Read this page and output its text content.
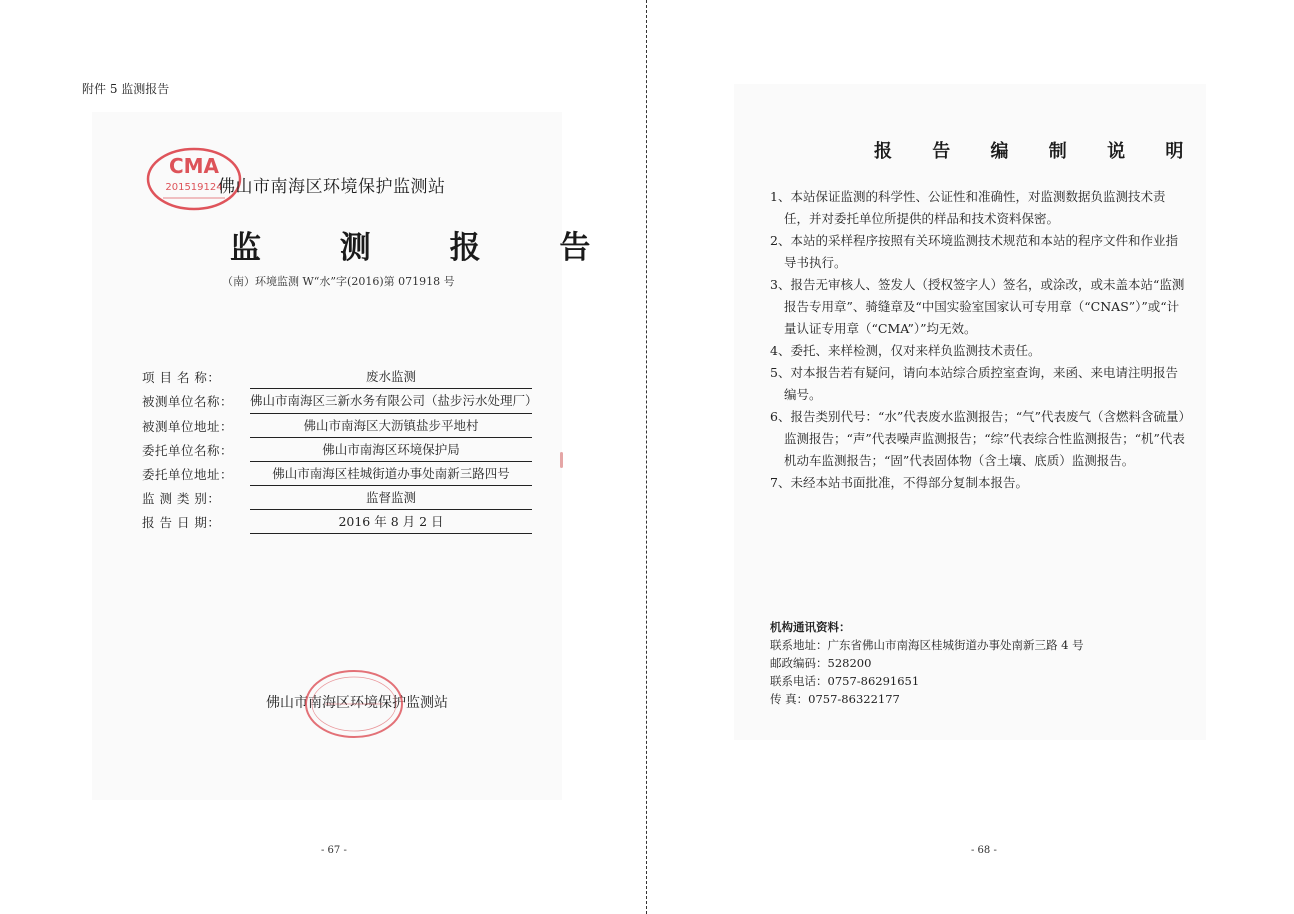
附件 5 监测报告
CMA
201519124
佛山市南海区环境保护监测站
监 测 报 告
（南）环境监测 W“水”字(2016)第 071918 号
项 目 名 称：	废水监测
被测单位名称：	佛山市南海区三新水务有限公司（盐步污水处理厂）
被测单位地址：	佛山市南海区大沥镇盐步平地村
委托单位名称：	佛山市南海区环境保护局
委托单位地址：	佛山市南海区桂城街道办事处南新三路四号
监 测 类 别：	监督监测
报 告 日 期：	2016 年 8 月 2 日
佛山市南海区环境保护监测站
- 67 -
报 告 编 制 说 明

1、本站保证监测的科学性、公证性和准确性，对监测数据负监测技术责任，并对委托单位所提供的样品和技术资料保密。

2、本站的采样程序按照有关环境监测技术规范和本站的程序文件和作业指导书执行。

3、报告无审核人、签发人（授权签字人）签名，或涂改，或未盖本站“监测报告专用章”、骑缝章及“中国实验室国家认可专用章（“CNAS”）”或“计量认证专用章（“CMA”）”均无效。

4、委托、来样检测，仅对来样负监测技术责任。

5、对本报告若有疑问，请向本站综合质控室查询，来函、来电请注明报告编号。

6、报告类别代号：“水”代表废水监测报告；“气”代表废气（含燃料含硫量）监测报告；“声”代表噪声监测报告；“综”代表综合性监测报告；“机”代表机动车监测报告；“固”代表固体物（含土壤、底质）监测报告。

7、未经本站书面批准，不得部分复制本报告。

机构通讯资料：
联系地址：广东省佛山市南海区桂城街道办事处南新三路 4 号
邮政编码：528200
联系电话：0757-86291651
传 真：0757-86322177
- 68 -
